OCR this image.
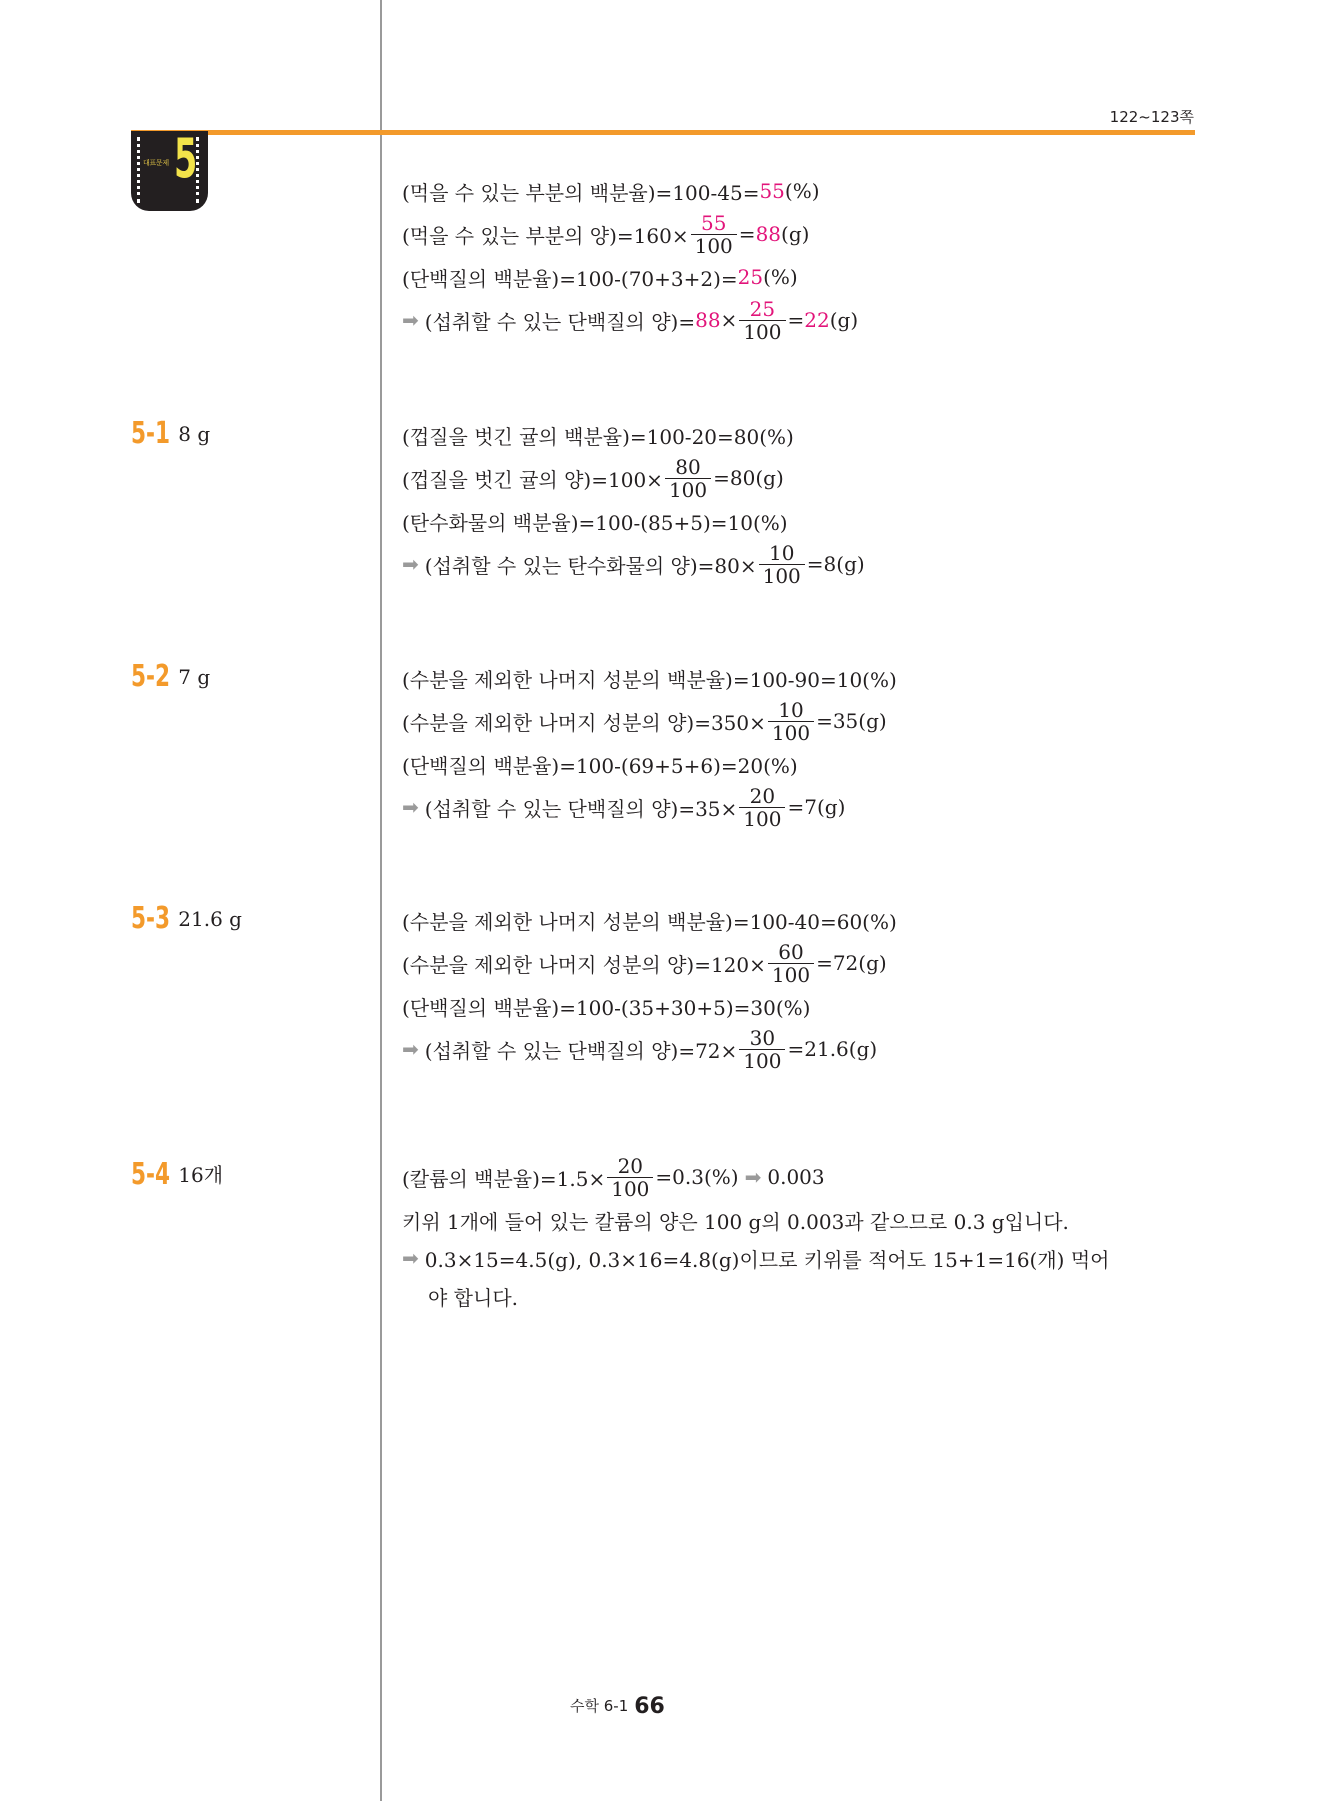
122~123쪽
대표문제 5
(먹을 수 있는 부분의 백분율)=100-45= 55 (%)
(먹을 수 있는 부분의 양)$=160\times \frac{55}{100} = 88$ (g)
(단백질의 백분율)=100-(70+3+2)= 25 (%)
➡ (섭취할 수 있는 단백질의 양)= $88 \times \frac{25}{100} = 22$ (g)
5-1 8 g	(껍질을 벗긴 귤의 백분율)=100-20=80(%)
(껍질을 벗긴 귤의 양)$=100\times \frac{80}{100} =80(g)$
(탄수화물의 백분율)=100-(85+5)=10(%)
➡ (섭취할 수 있는 탄수화물의 양)$=80\times \frac{10}{100} =8(g)$
5-2 7 g	(수분을 제외한 나머지 성분의 백분율)=100-90=10(%)
(수분을 제외한 나머지 성분의 양)$=350\times \frac{10}{100} =35(g)$
(단백질의 백분율)=100-(69+5+6)=20(%)
➡ (섭취할 수 있는 단백질의 양)$=35\times \frac{20}{100} =7(g)$
5-3 21.6 g	(수분을 제외한 나머지 성분의 백분율)=100-40=60(%)
(수분을 제외한 나머지 성분의 양)$=120\times \frac{60}{100} =72(g)$
(단백질의 백분율)=100-(35+30+5)=30(%)
➡ (섭취할 수 있는 단백질의 양)$=72\times \frac{30}{100} =21.6(g)$
5-4 16개	(칼륨의 백분율)$=1.5\times \frac{20}{100} =0.3(\%)$ ➡ 0.003
키위 1개에 들어 있는 칼륨의 양은 100 g의 0.003과 같으므로 0.3 g입니다.
➡ 0.3×15=4.5(g), 0.3×16=4.8(g)이므로 키위를 적어도 15+1=16(개) 먹어
야 합니다.
수학 6-1 66
